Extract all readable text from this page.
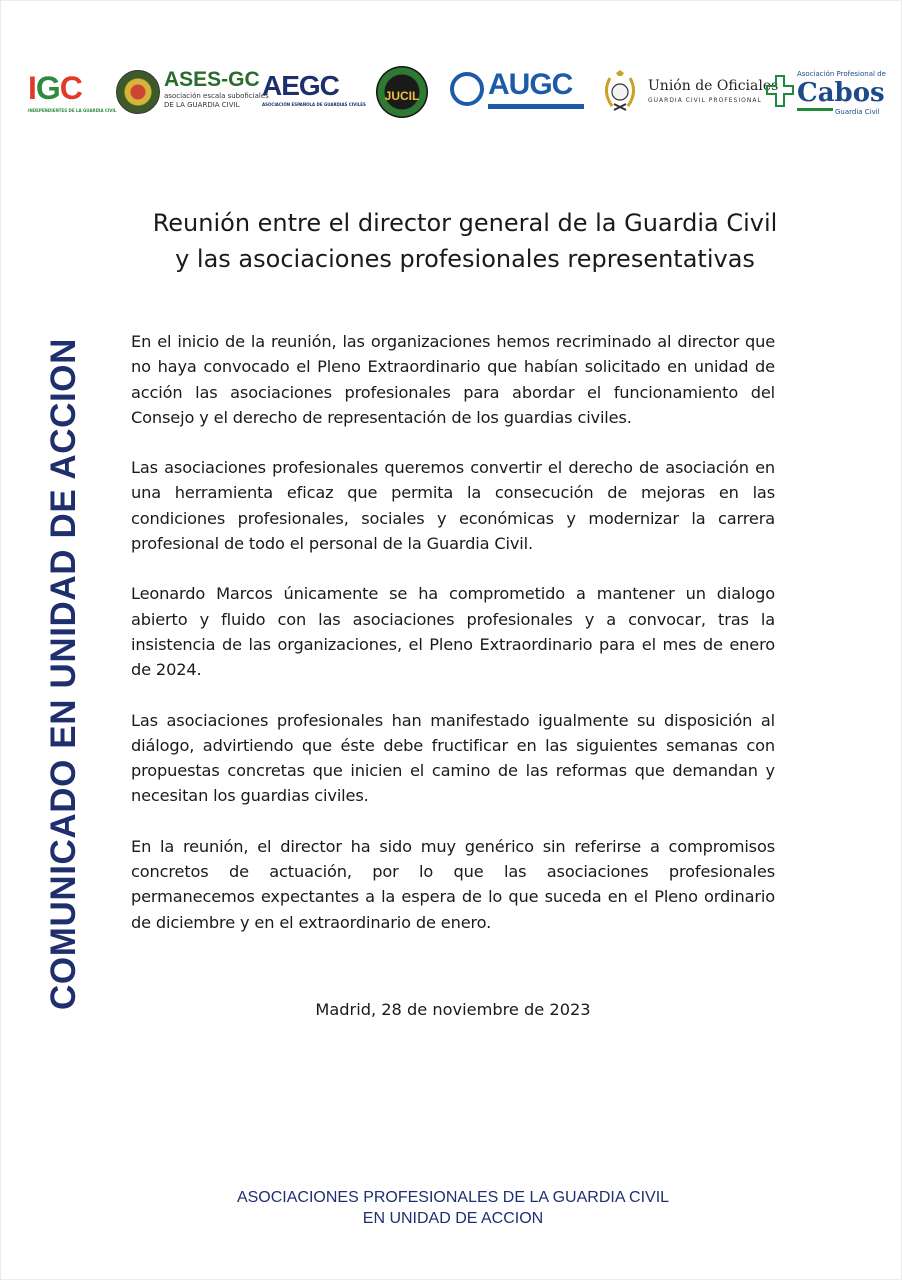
IGC
INDEPENDIENTES DE LA GUARDIA CIVIL
ASES-GC
asociación escala suboficiales
DE LA GUARDIA CIVIL
AEGC
ASOCIACIÓN ESPAÑOLA DE GUARDIAS CIVILES
JUCIL	AUGC	Unión de Oficiales
GUARDIA CIVIL PROFESIONAL
Asociación Profesional de
Cabos
Guardia Civil
COMUNICADO EN UNIDAD DE ACCION
Reunión entre el director general de la Guardia Civil
y las asociaciones profesionales representativas

En el inicio de la reunión, las organizaciones hemos recriminado al director que no haya convocado el Pleno Extraordinario que habían solicitado en unidad de acción las asociaciones profesionales para abordar el funcionamiento del Consejo y el derecho de representación de los guardias civiles.

Las asociaciones profesionales queremos convertir el derecho de asociación en una herramienta eficaz que permita la consecución de mejoras en las condiciones profesionales, sociales y económicas y modernizar la carrera profesional de todo el personal de la Guardia Civil.

Leonardo Marcos únicamente se ha comprometido a mantener un dialogo abierto y fluido con las asociaciones profesionales y a convocar, tras la insistencia de las organizaciones, el Pleno Extraordinario para el mes de enero de 2024.

Las asociaciones profesionales han manifestado igualmente su disposición al diálogo, advirtiendo que éste debe fructificar en las siguientes semanas con propuestas concretas que inicien el camino de las reformas que demandan y necesitan los guardias civiles.

En la reunión, el director ha sido muy genérico sin referirse a compromisos concretos de actuación, por lo que las asociaciones profesionales permanecemos expectantes a la espera de lo que suceda en el Pleno ordinario de diciembre y en el extraordinario de enero.

Madrid, 28 de noviembre de 2023
ASOCIACIONES PROFESIONALES DE LA GUARDIA CIVIL
EN UNIDAD DE ACCION
